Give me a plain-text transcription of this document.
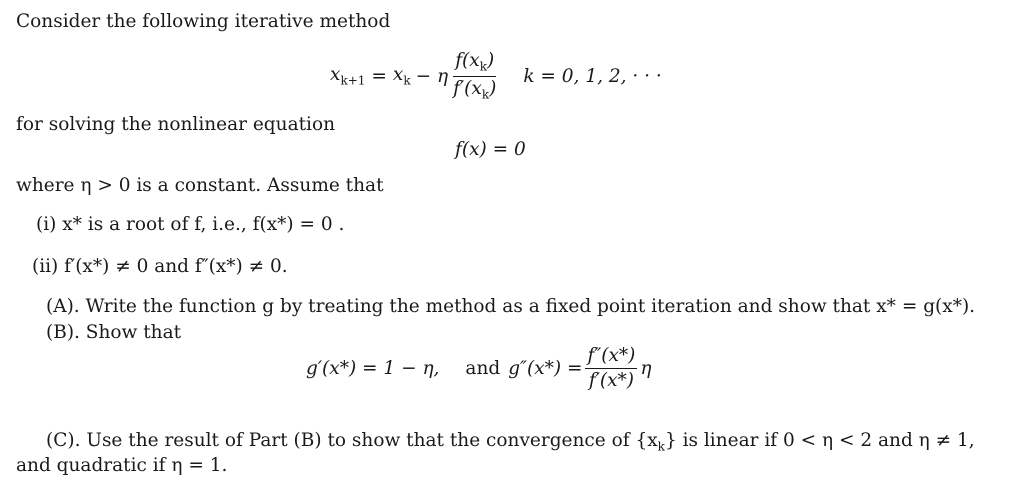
Consider the following iterative method
$x_{k+1} = x_k - \eta \frac{f(x_k)}{f'(x_k)}$ k = 0, 1, 2, · · ·
for solving the nonlinear equation
f(x) = 0
where η > 0 is a constant. Assume that
(i) x* is a root of f, i.e., f(x*) = 0 .
(ii) f′(x*) ≠ 0 and f″(x*) ≠ 0.
(A). Write the function g by treating the method as a fixed point iteration and show that x* = g(x*).
(B). Show that
g′(x*) = 1 − η, and $g''(x*) = \frac{f''(x*)}{f'(x*)}$ η
(C). Use the result of Part (B) to show that the convergence of $\{x_k\}$ is linear if 0 < η < 2 and η ≠ 1,
and quadratic if η = 1.
